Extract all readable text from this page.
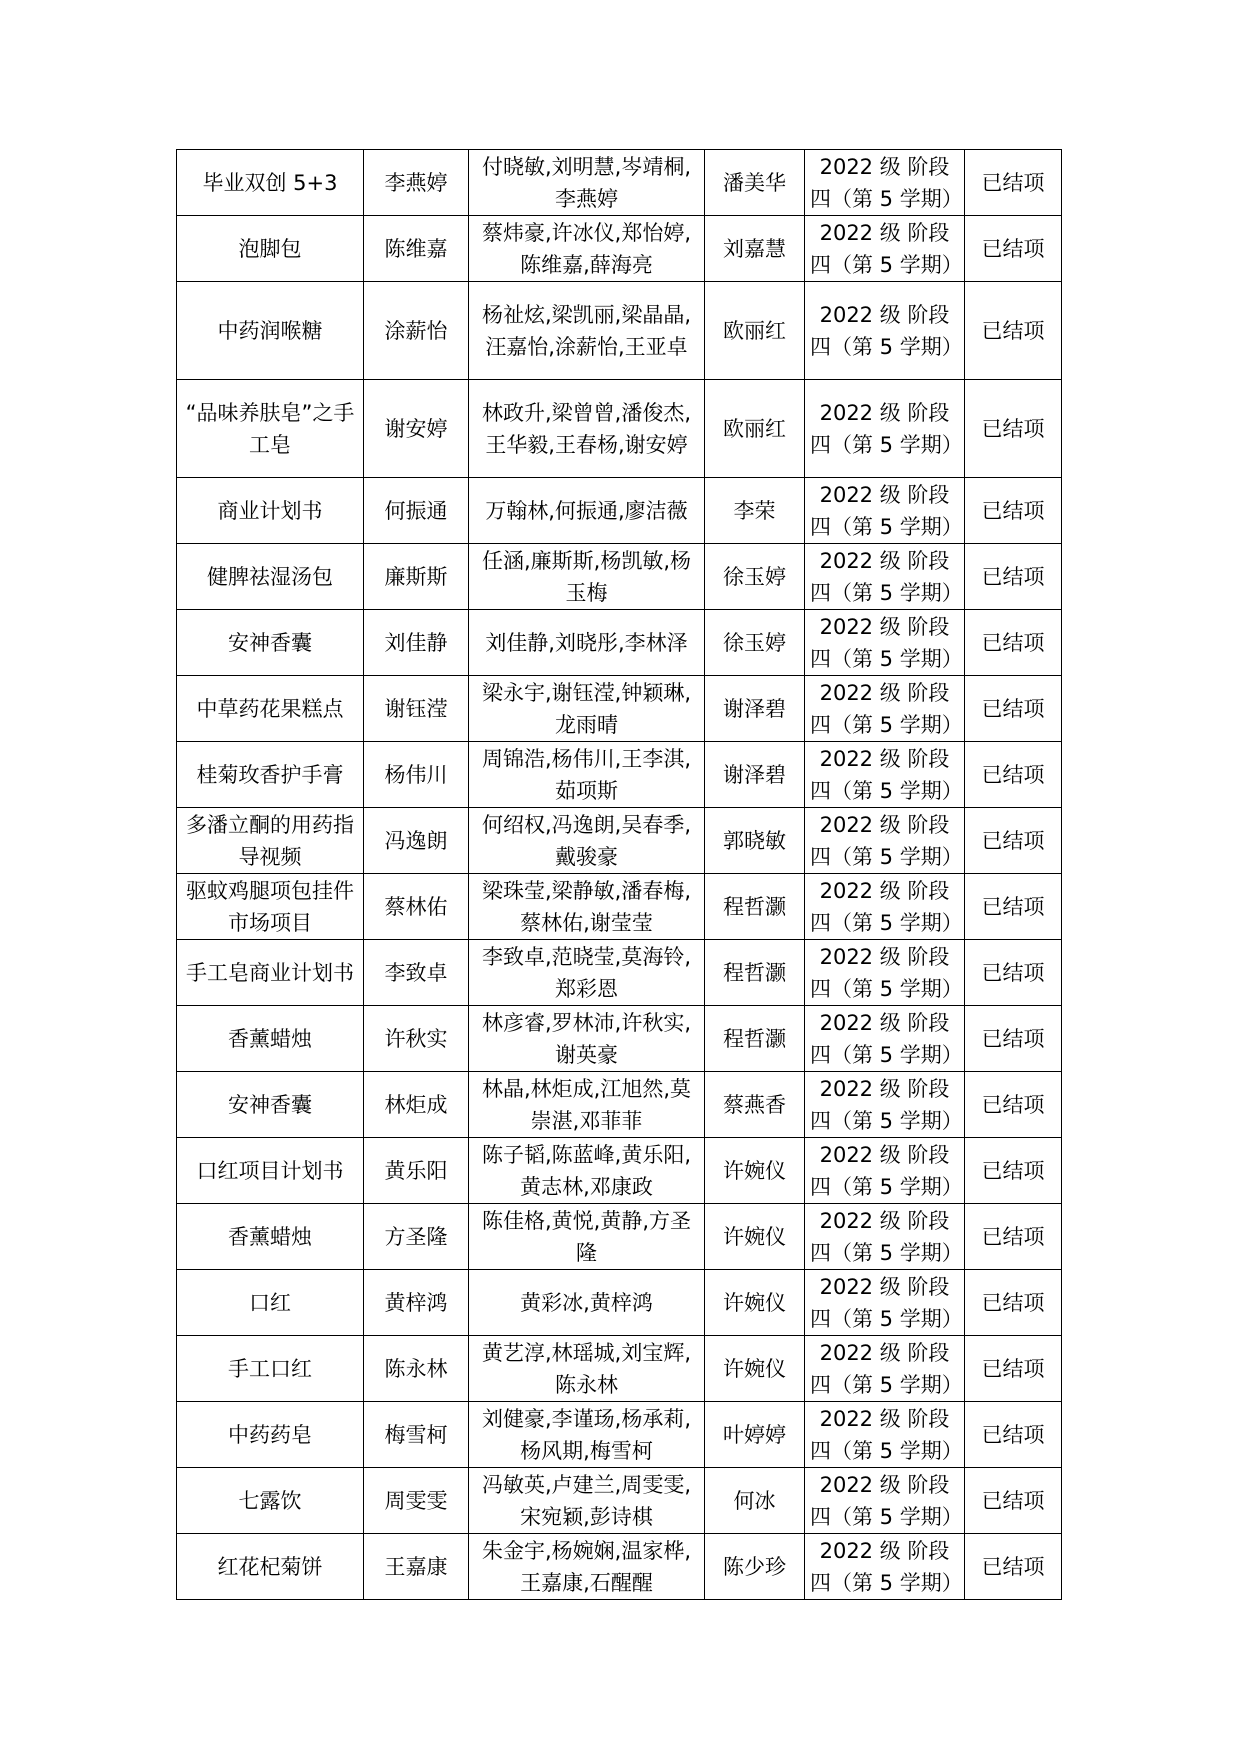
毕业双创 5+3	李燕婷	付晓敏,刘明慧,岑靖桐,李燕婷	潘美华	2022 级 阶段四（第 5 学期）	已结项
泡脚包	陈维嘉	蔡炜豪,许冰仪,郑怡婷,陈维嘉,薛海亮	刘嘉慧	2022 级 阶段四（第 5 学期）	已结项
中药润喉糖	涂薪怡	杨祉炫,梁凯丽,梁晶晶,汪嘉怡,涂薪怡,王亚卓	欧丽红	2022 级 阶段四（第 5 学期）	已结项
“品味养肤皂”之手工皂	谢安婷	林政升,梁曾曾,潘俊杰,王华毅,王春杨,谢安婷	欧丽红	2022 级 阶段四（第 5 学期）	已结项
商业计划书	何振通	万翰林,何振通,廖洁薇	李荣	2022 级 阶段四（第 5 学期）	已结项
健脾祛湿汤包	廉斯斯	任涵,廉斯斯,杨凯敏,杨玉梅	徐玉婷	2022 级 阶段四（第 5 学期）	已结项
安神香囊	刘佳静	刘佳静,刘晓彤,李林泽	徐玉婷	2022 级 阶段四（第 5 学期）	已结项
中草药花果糕点	谢钰滢	梁永宇,谢钰滢,钟颖琳,龙雨晴	谢泽碧	2022 级 阶段四（第 5 学期）	已结项
桂菊玫香护手膏	杨伟川	周锦浩,杨伟川,王李淇,茹项斯	谢泽碧	2022 级 阶段四（第 5 学期）	已结项
多潘立酮的用药指导视频	冯逸朗	何绍权,冯逸朗,吴春季,戴骏豪	郭晓敏	2022 级 阶段四（第 5 学期）	已结项
驱蚊鸡腿项包挂件市场项目	蔡林佑	梁珠莹,梁静敏,潘春梅,蔡林佑,谢莹莹	程哲灏	2022 级 阶段四（第 5 学期）	已结项
手工皂商业计划书	李致卓	李致卓,范晓莹,莫海铃,郑彩恩	程哲灏	2022 级 阶段四（第 5 学期）	已结项
香薰蜡烛	许秋实	林彦睿,罗林沛,许秋实,谢英豪	程哲灏	2022 级 阶段四（第 5 学期）	已结项
安神香囊	林炬成	林晶,林炬成,江旭然,莫崇湛,邓菲菲	蔡燕香	2022 级 阶段四（第 5 学期）	已结项
口红项目计划书	黄乐阳	陈子韬,陈蓝峰,黄乐阳,黄志林,邓康政	许婉仪	2022 级 阶段四（第 5 学期）	已结项
香薰蜡烛	方圣隆	陈佳格,黄悦,黄静,方圣隆	许婉仪	2022 级 阶段四（第 5 学期）	已结项
口红	黄梓鸿	黄彩冰,黄梓鸿	许婉仪	2022 级 阶段四（第 5 学期）	已结项
手工口红	陈永林	黄艺淳,林瑶城,刘宝辉,陈永林	许婉仪	2022 级 阶段四（第 5 学期）	已结项
中药药皂	梅雪柯	刘健豪,李谨玚,杨承莉,杨风期,梅雪柯	叶婷婷	2022 级 阶段四（第 5 学期）	已结项
七露饮	周雯雯	冯敏英,卢建兰,周雯雯,宋宛颖,彭诗棋	何冰	2022 级 阶段四（第 5 学期）	已结项
红花杞菊饼	王嘉康	朱金宇,杨婉娴,温家桦,王嘉康,石醒醒	陈少珍	2022 级 阶段四（第 5 学期）	已结项
